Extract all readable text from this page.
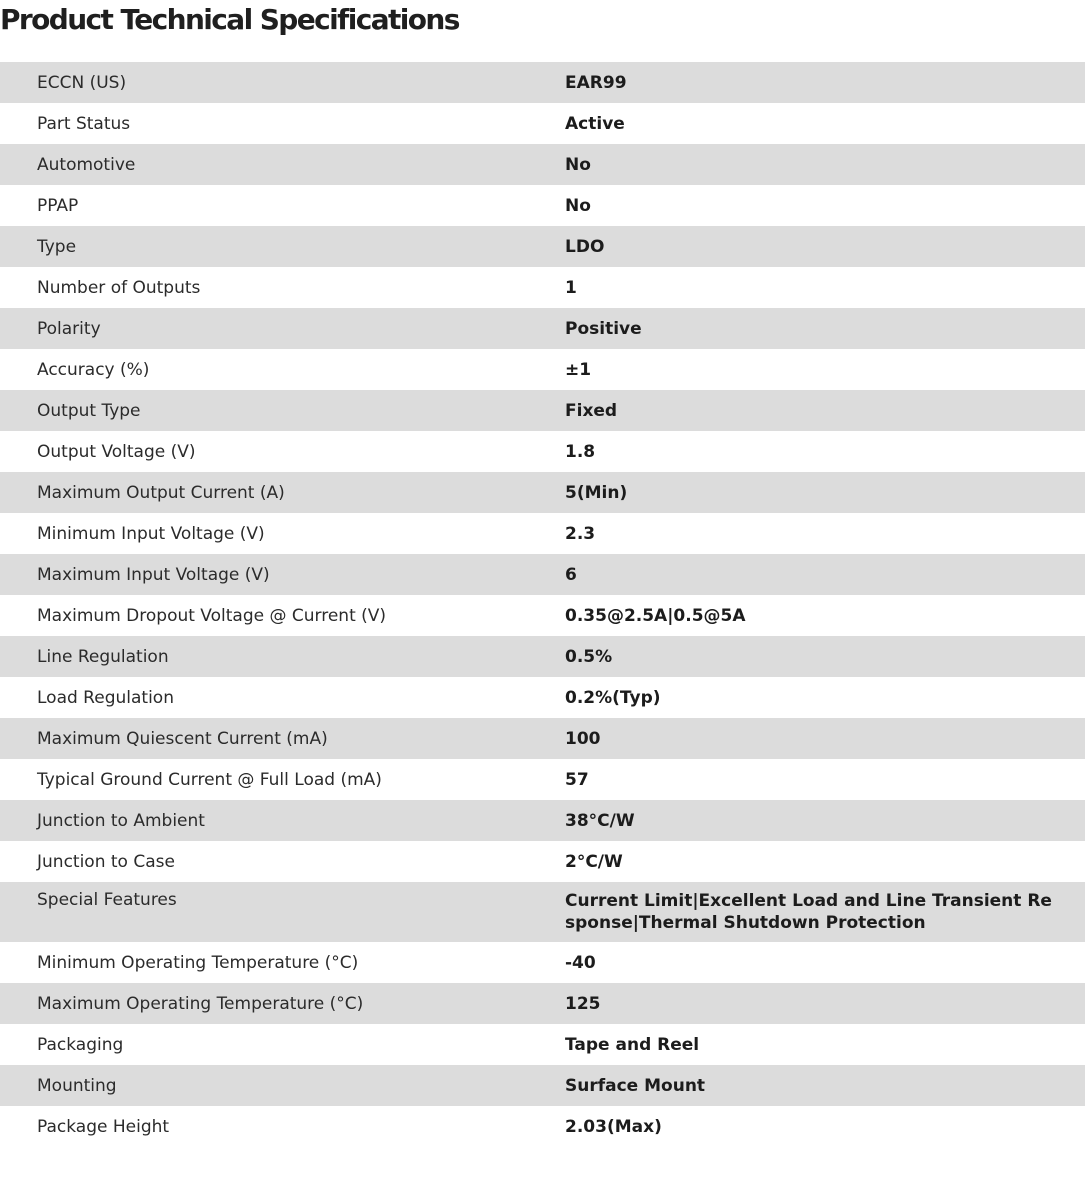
Product Technical Specifications
ECCN (US)	EAR99
Part Status	Active
Automotive	No
PPAP	No
Type	LDO
Number of Outputs	1
Polarity	Positive
Accuracy (%)	±1
Output Type	Fixed
Output Voltage (V)	1.8
Maximum Output Current (A)	5(Min)
Minimum Input Voltage (V)	2.3
Maximum Input Voltage (V)	6
Maximum Dropout Voltage @ Current (V)	0.35@2.5A|0.5@5A
Line Regulation	0.5%
Load Regulation	0.2%(Typ)
Maximum Quiescent Current (mA)	100
Typical Ground Current @ Full Load (mA)	57
Junction to Ambient	38°C/W
Junction to Case	2°C/W
Special Features	Current Limit|Excellent Load and Line Transient Response|Thermal Shutdown Protection
Minimum Operating Temperature (°C)	-40
Maximum Operating Temperature (°C)	125
Packaging	Tape and Reel
Mounting	Surface Mount
Package Height	2.03(Max)
